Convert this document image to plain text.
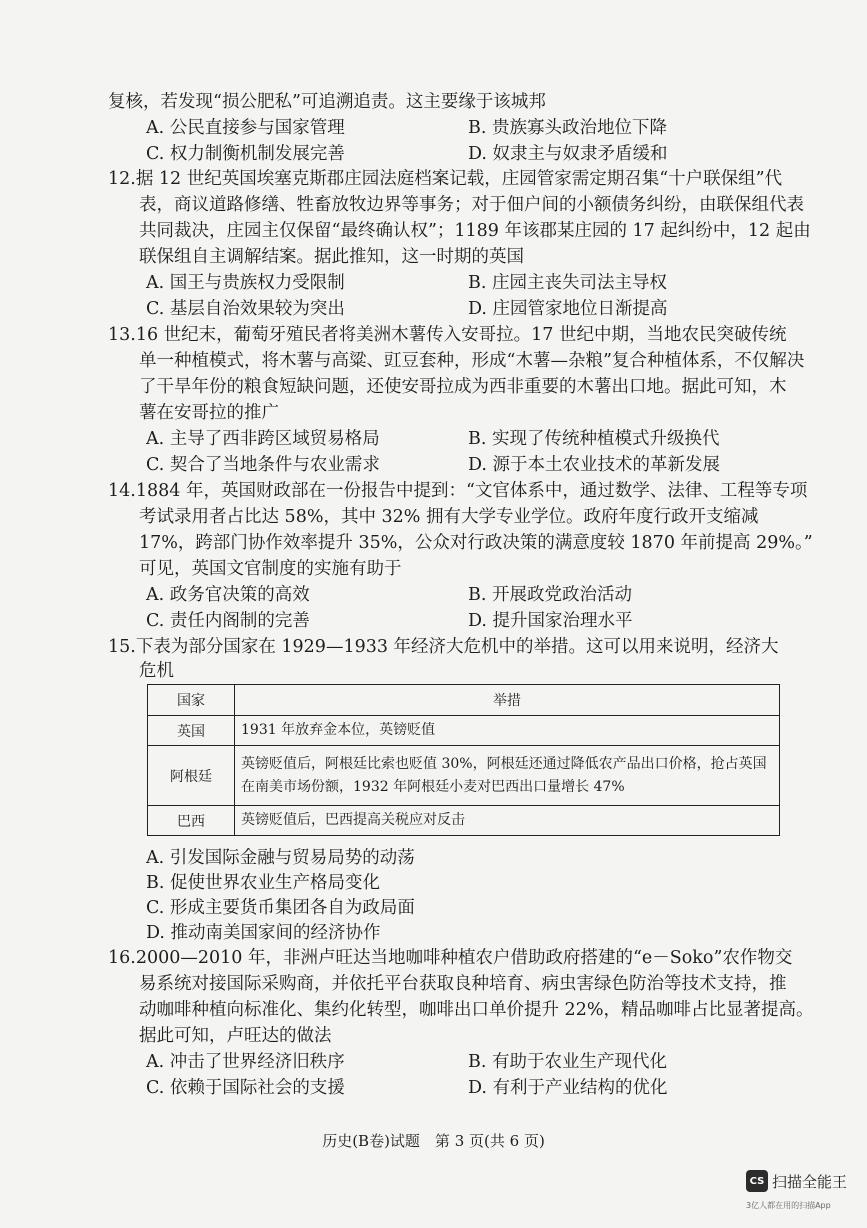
复核，若发现“损公肥私”可追溯追责。这主要缘于该城邦
A. 公民直接参与国家管理	B. 贵族寡头政治地位下降
C. 权力制衡机制发展完善	D. 奴隶主与奴隶矛盾缓和
12.据 12 世纪英国埃塞克斯郡庄园法庭档案记载，庄园管家需定期召集“十户联保组”代
表，商议道路修缮、牲畜放牧边界等事务；对于佃户间的小额债务纠纷，由联保组代表
共同裁决，庄园主仅保留“最终确认权”；1189 年该郡某庄园的 17 起纠纷中，12 起由
联保组自主调解结案。据此推知，这一时期的英国
A. 国王与贵族权力受限制	B. 庄园主丧失司法主导权
C. 基层自治效果较为突出	D. 庄园管家地位日渐提高
13.16 世纪末，葡萄牙殖民者将美洲木薯传入安哥拉。17 世纪中期，当地农民突破传统
单一种植模式，将木薯与高粱、豇豆套种，形成“木薯—杂粮”复合种植体系，不仅解决
了干旱年份的粮食短缺问题，还使安哥拉成为西非重要的木薯出口地。据此可知，木
薯在安哥拉的推广
A. 主导了西非跨区域贸易格局	B. 实现了传统种植模式升级换代
C. 契合了当地条件与农业需求	D. 源于本土农业技术的革新发展
14.1884 年，英国财政部在一份报告中提到：“文官体系中，通过数学、法律、工程等专项
考试录用者占比达 58%，其中 32% 拥有大学专业学位。政府年度行政开支缩减
17%，跨部门协作效率提升 35%，公众对行政决策的满意度较 1870 年前提高 29%。”
可见，英国文官制度的实施有助于
A. 政务官决策的高效	B. 开展政党政治活动
C. 责任内阁制的完善	D. 提升国家治理水平
15.下表为部分国家在 1929—1933 年经济大危机中的举措。这可以用来说明，经济大
危机
国家	举措
英国	1931 年放弃金本位，英镑贬值
阿根廷	英镑贬值后，阿根廷比索也贬值 30%，阿根廷还通过降低农产品出口价格，抢占英国在南美市场份额，1932 年阿根廷小麦对巴西出口量增长 47%
巴西	英镑贬值后，巴西提高关税应对反击
A. 引发国际金融与贸易局势的动荡
B. 促使世界农业生产格局变化
C. 形成主要货币集团各自为政局面
D. 推动南美国家间的经济协作
16.2000—2010 年，非洲卢旺达当地咖啡种植农户借助政府搭建的“e－Soko”农作物交
易系统对接国际采购商，并依托平台获取良种培育、病虫害绿色防治等技术支持，推
动咖啡种植向标准化、集约化转型，咖啡出口单价提升 22%，精品咖啡占比显著提高。
据此可知，卢旺达的做法
A. 冲击了世界经济旧秩序	B. 有助于农业生产现代化
C. 依赖于国际社会的支援	D. 有利于产业结构的优化
历史(B卷)试题　第 3 页(共 6 页)
CS 扫描全能王
3亿人都在用的扫描App
